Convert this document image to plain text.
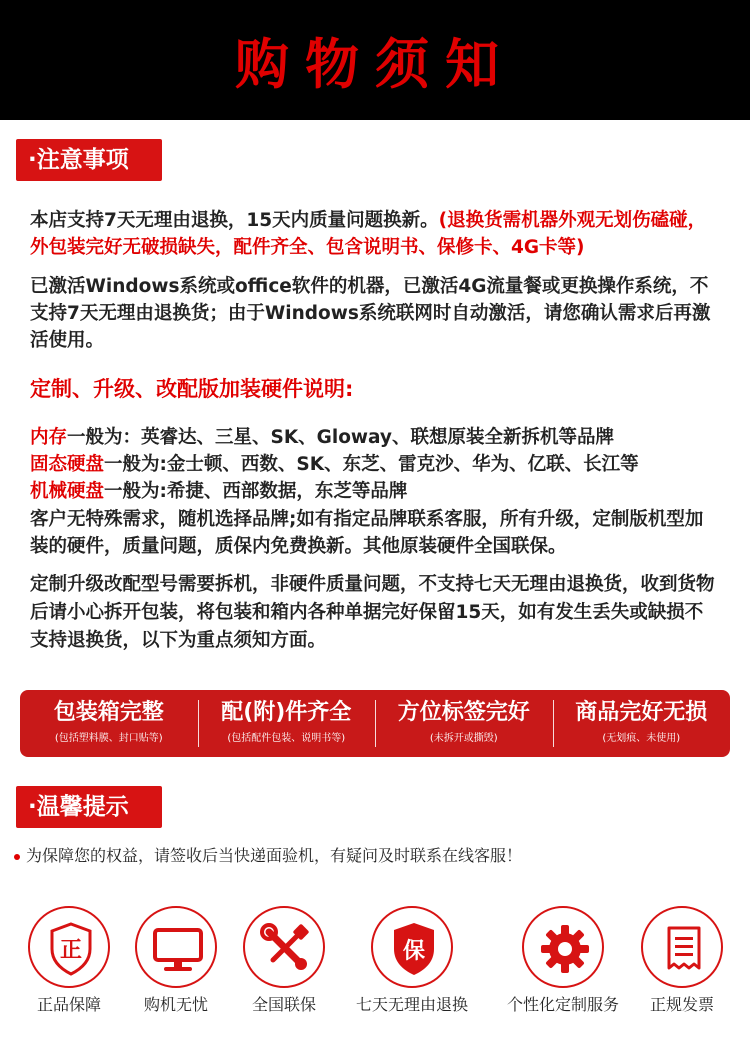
购物须知
·注意事项
本店支持7天无理由退换，15天内质量问题换新。(退换货需机器外观无划伤磕碰，外包装完好无破损缺失，配件齐全、包含说明书、保修卡、4G卡等)
已激活Windows系统或office软件的机器，已激活4G流量餐或更换操作系统，不支持7天无理由退换货；由于Windows系统联网时自动激活，请您确认需求后再激活使用。
定制、升级、改配版加装硬件说明:
内存一般为：英睿达、三星、SK、Gloway、联想原装全新拆机等品牌
固态硬盘一般为:金士顿、西数、SK、东芝、雷克沙、华为、亿联、长江等
机械硬盘一般为:希捷、西部数据，东芝等品牌
客户无特殊需求，随机选择品牌;如有指定品牌联系客服，所有升级，定制版机型加装的硬件，质量问题，质保内免费换新。其他原装硬件全国联保。
定制升级改配型号需要拆机，非硬件质量问题，不支持七天无理由退换货，收到货物后请小心拆开包装，将包装和箱内各种单据完好保留15天，如有发生丢失或缺损不支持退换货，以下为重点须知方面。
包装箱完整
(包括塑料膜、封口贴等)
配(附)件齐全
(包括配件包装、说明书等)
方位标签完好
(未拆开或撕毁)
商品完好无损
(无划痕、未使用)
·温馨提示
为保障您的权益，请签收后当快递面验机，有疑问及时联系在线客服！
正
正品保障	购机无忧	全国联保
保
七天无理由退换	个性化定制服务	正规发票
